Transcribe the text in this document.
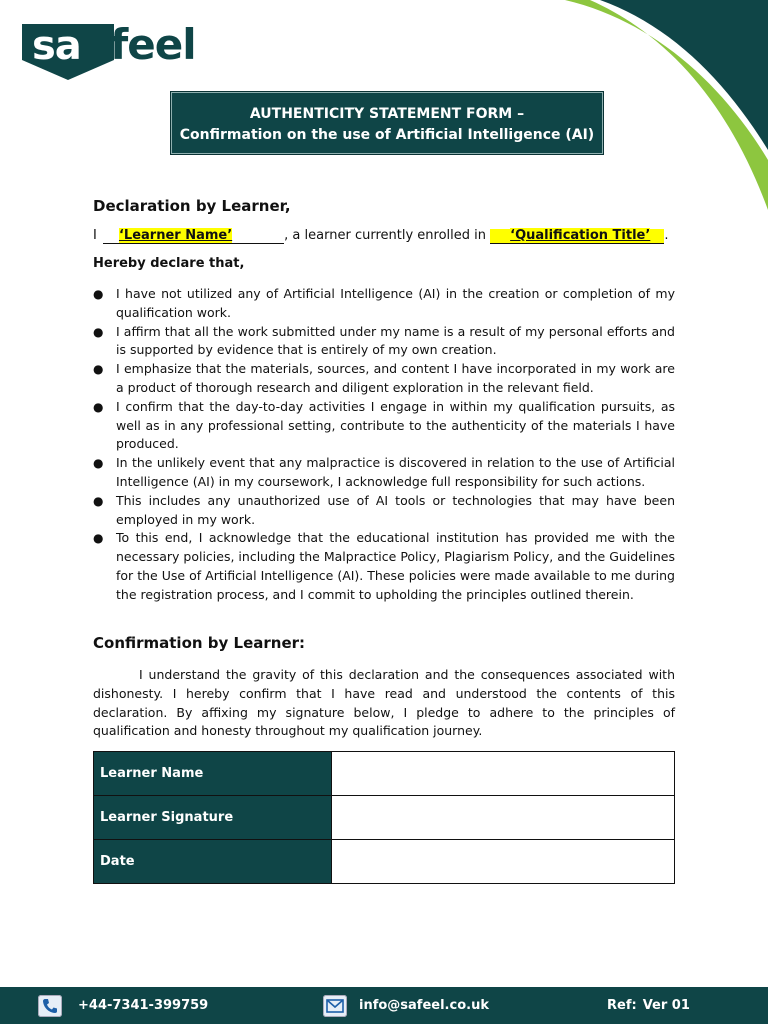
sa feel
AUTHENTICITY STATEMENT FORM –
Confirmation on the use of Artificial Intelligence (AI)
Declaration by Learner,
I ‘Learner Name’	, a learner currently enrolled in ‘Qualification Title’ .
Hereby declare that,
● I have not utilized any of Artificial Intelligence (AI) in the creation or completion of my qualification work.
● I affirm that all the work submitted under my name is a result of my personal efforts and is supported by evidence that is entirely of my own creation.
● I emphasize that the materials, sources, and content I have incorporated in my work are a product of thorough research and diligent exploration in the relevant field.
● I confirm that the day-to-day activities I engage in within my qualification pursuits, as well as in any professional setting, contribute to the authenticity of the materials I have produced.
● In the unlikely event that any malpractice is discovered in relation to the use of Artificial Intelligence (AI) in my coursework, I acknowledge full responsibility for such actions.
● This includes any unauthorized use of AI tools or technologies that may have been employed in my work.
● To this end, I acknowledge that the educational institution has provided me with the necessary policies, including the Malpractice Policy, Plagiarism Policy, and the Guidelines for the Use of Artificial Intelligence (AI). These policies were made available to me during the registration process, and I commit to upholding the principles outlined therein.
Confirmation by Learner:
I understand the gravity of this declaration and the consequences associated with dishonesty. I hereby confirm that I have read and understood the contents of this declaration. By affixing my signature below, I pledge to adhere to the principles of qualification and honesty throughout my qualification journey.
Learner Name	
Learner Signature	
Date	
+44-7341-399759	info@safeel.co.uk	Ref: Ver 01
